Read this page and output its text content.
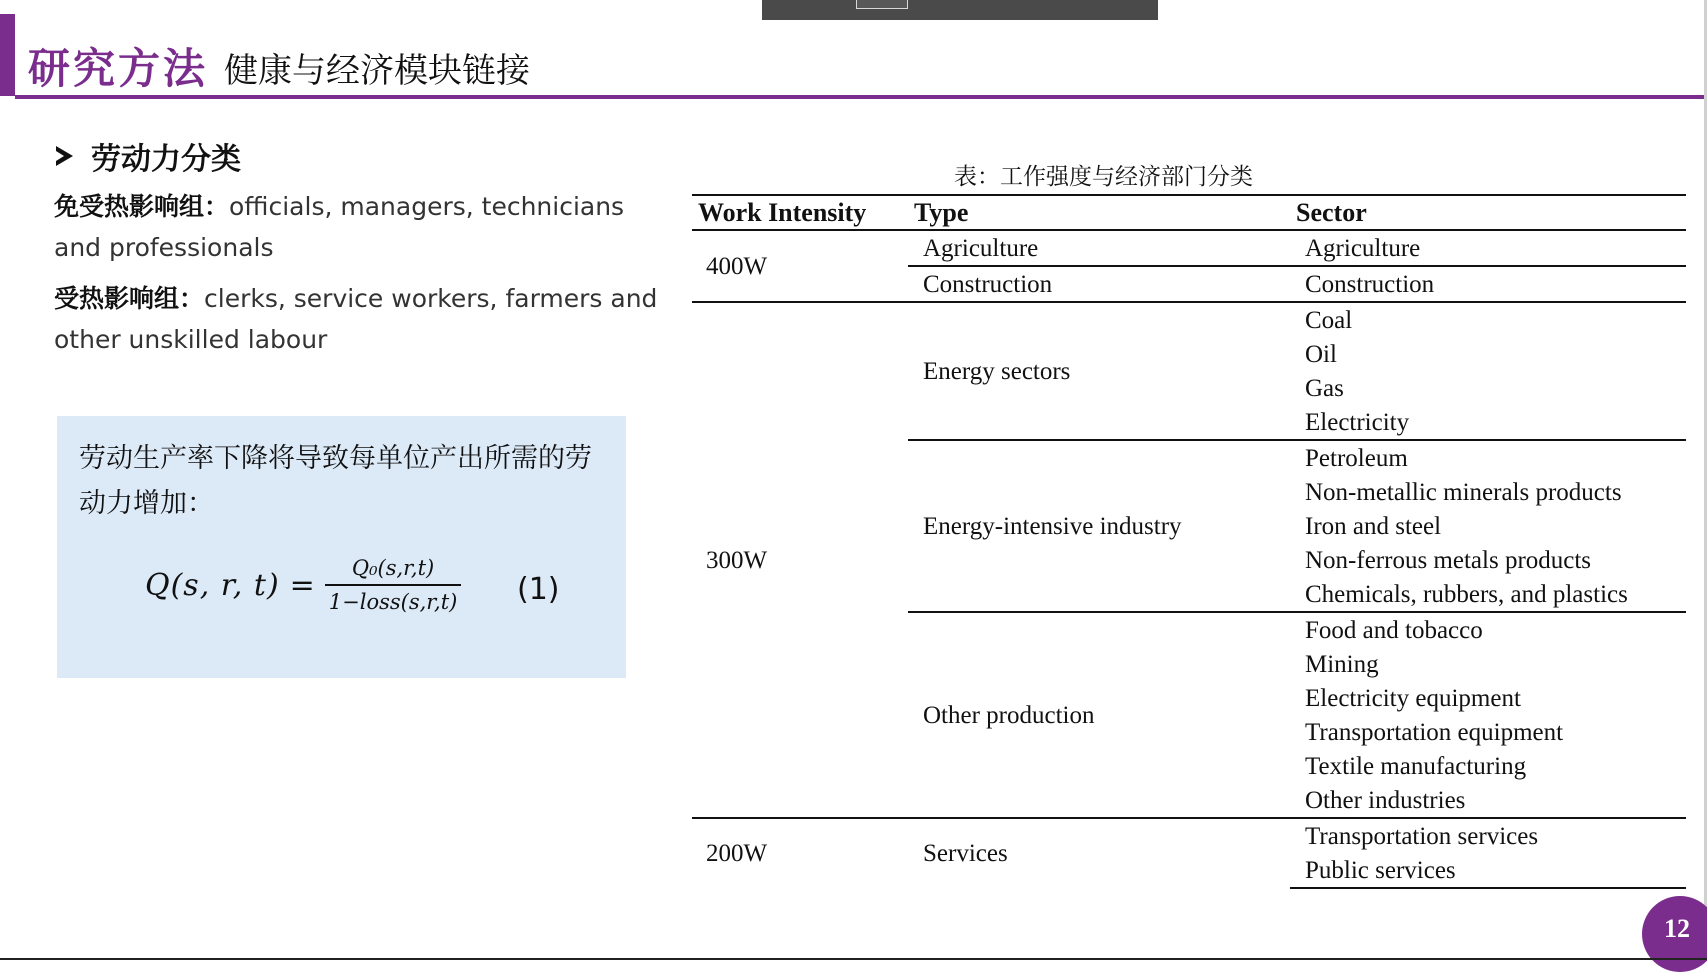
研究方法 健康与经济模块链接
劳动力分类
免受热影响组：officials, managers, technicians and professionals
受热影响组：clerks, service workers, farmers and other unskilled labour
劳动生产率下降将导致每单位产出所需的劳动力增加：
Q(s, r, $t) = \frac{\text{Q₀(s,r,t)}}{\text{1−loss(s,r,t)}} (1)$
表：工作强度与经济部门分类
Work Intensity	Type	Sector
400W	Agriculture	Agriculture
	Construction	Construction
300W	Energy sectors	Coal
		Oil
		Gas
		Electricity
	Energy-intensive industry	Petroleum
		Non-metallic minerals products
		Iron and steel
		Non-ferrous metals products
		Chemicals, rubbers, and plastics
	Other production	Food and tobacco
		Mining
		Electricity equipment
		Transportation equipment
		Textile manufacturing
		Other industries
200W	Services	Transportation services
		Public services
12
